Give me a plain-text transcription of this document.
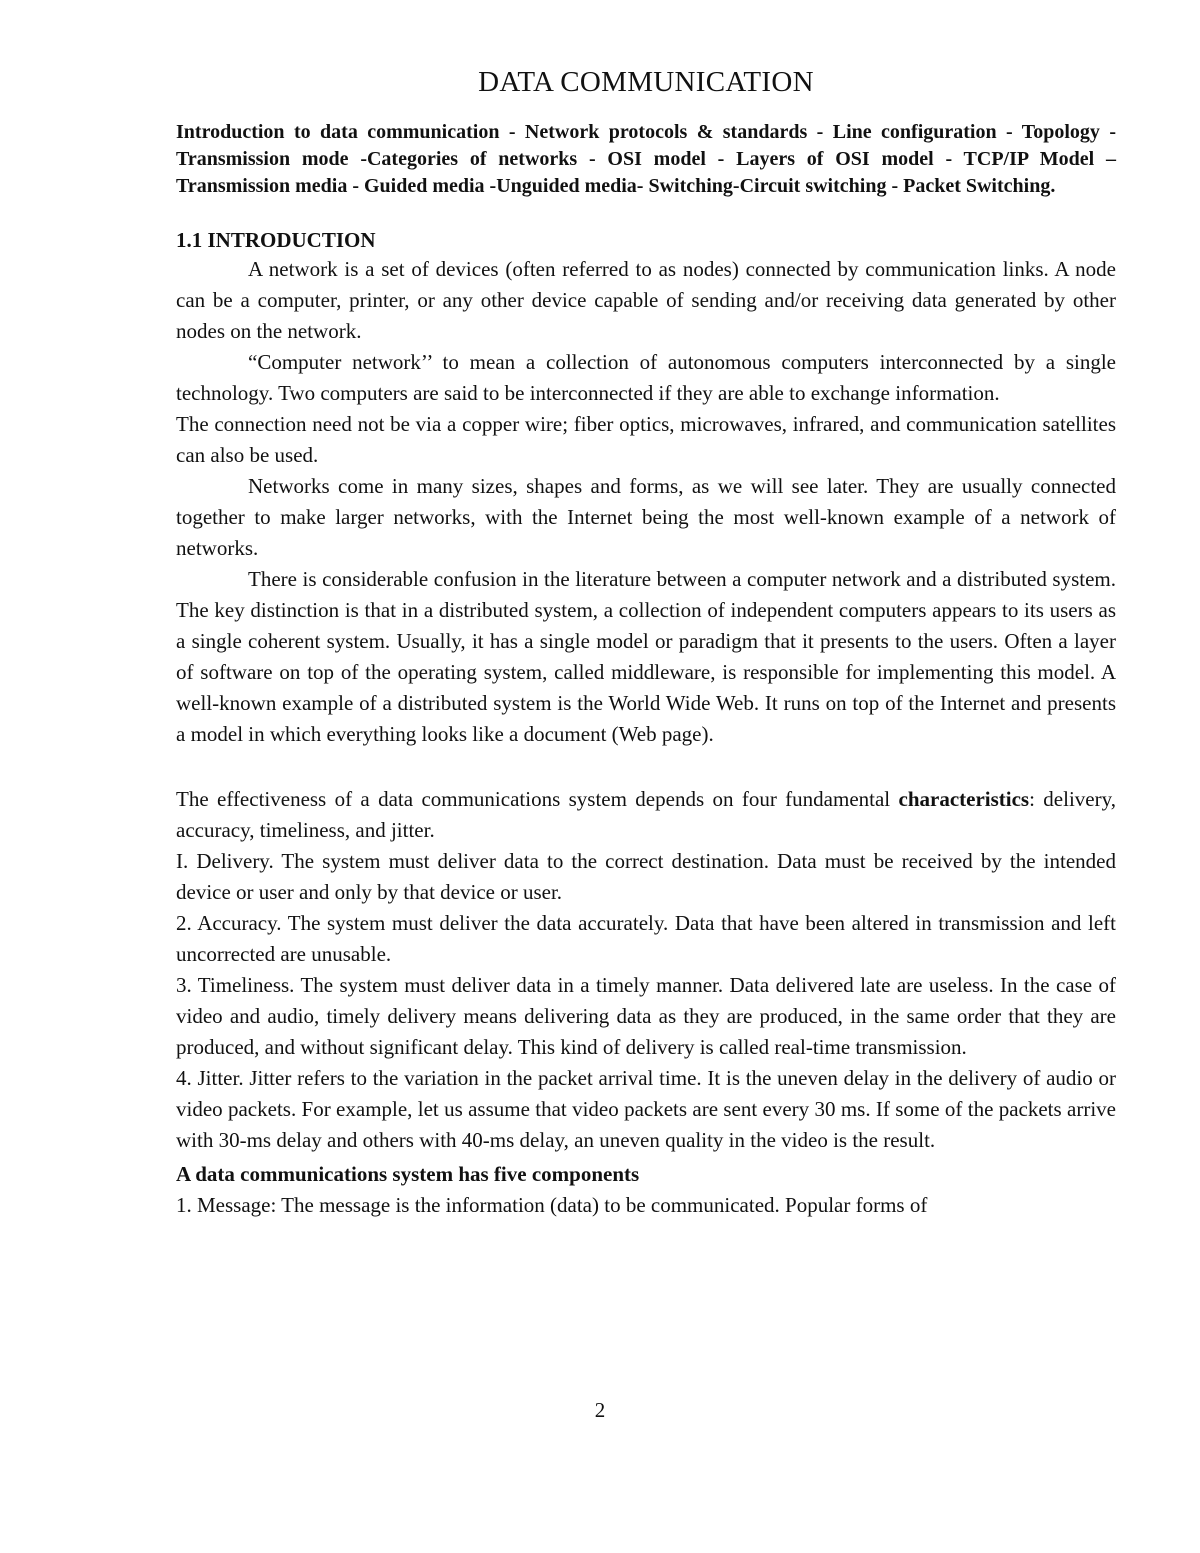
DATA COMMUNICATION

Introduction to data communication - Network protocols & standards - Line configuration - Topology -Transmission mode -Categories of networks - OSI model - Layers of OSI model - TCP/IP Model – Transmission media - Guided media -Unguided media- Switching-Circuit switching - Packet Switching.

1.1 INTRODUCTION

A network is a set of devices (often referred to as nodes) connected by communication links. A node can be a computer, printer, or any other device capable of sending and/or receiving data generated by other nodes on the network.

“Computer network’’ to mean a collection of autonomous computers interconnected by a single technology. Two computers are said to be interconnected if they are able to exchange information.

The connection need not be via a copper wire; fiber optics, microwaves, infrared, and communication satellites can also be used.

Networks come in many sizes, shapes and forms, as we will see later. They are usually connected together to make larger networks, with the Internet being the most well-known example of a network of networks.

There is considerable confusion in the literature between a computer network and a distributed system. The key distinction is that in a distributed system, a collection of independent computers appears to its users as a single coherent system. Usually, it has a single model or paradigm that it presents to the users. Often a layer of software on top of the operating system, called middleware, is responsible for implementing this model. A well-known example of a distributed system is the World Wide Web. It runs on top of the Internet and presents a model in which everything looks like a document (Web page).

The effectiveness of a data communications system depends on four fundamental characteristics: delivery, accuracy, timeliness, and jitter.

I. Delivery. The system must deliver data to the correct destination. Data must be received by the intended device or user and only by that device or user.

2. Accuracy. The system must deliver the data accurately. Data that have been altered in transmission and left uncorrected are unusable.

3. Timeliness. The system must deliver data in a timely manner. Data delivered late are useless. In the case of video and audio, timely delivery means delivering data as they are produced, in the same order that they are produced, and without significant delay. This kind of delivery is called real-time transmission.

4. Jitter. Jitter refers to the variation in the packet arrival time. It is the uneven delay in the delivery of audio or video packets. For example, let us assume that video packets are sent every 30 ms. If some of the packets arrive with 30-ms delay and others with 40-ms delay, an uneven quality in the video is the result.

A data communications system has five components

1. Message: The message is the information (data) to be communicated. Popular forms of

2
